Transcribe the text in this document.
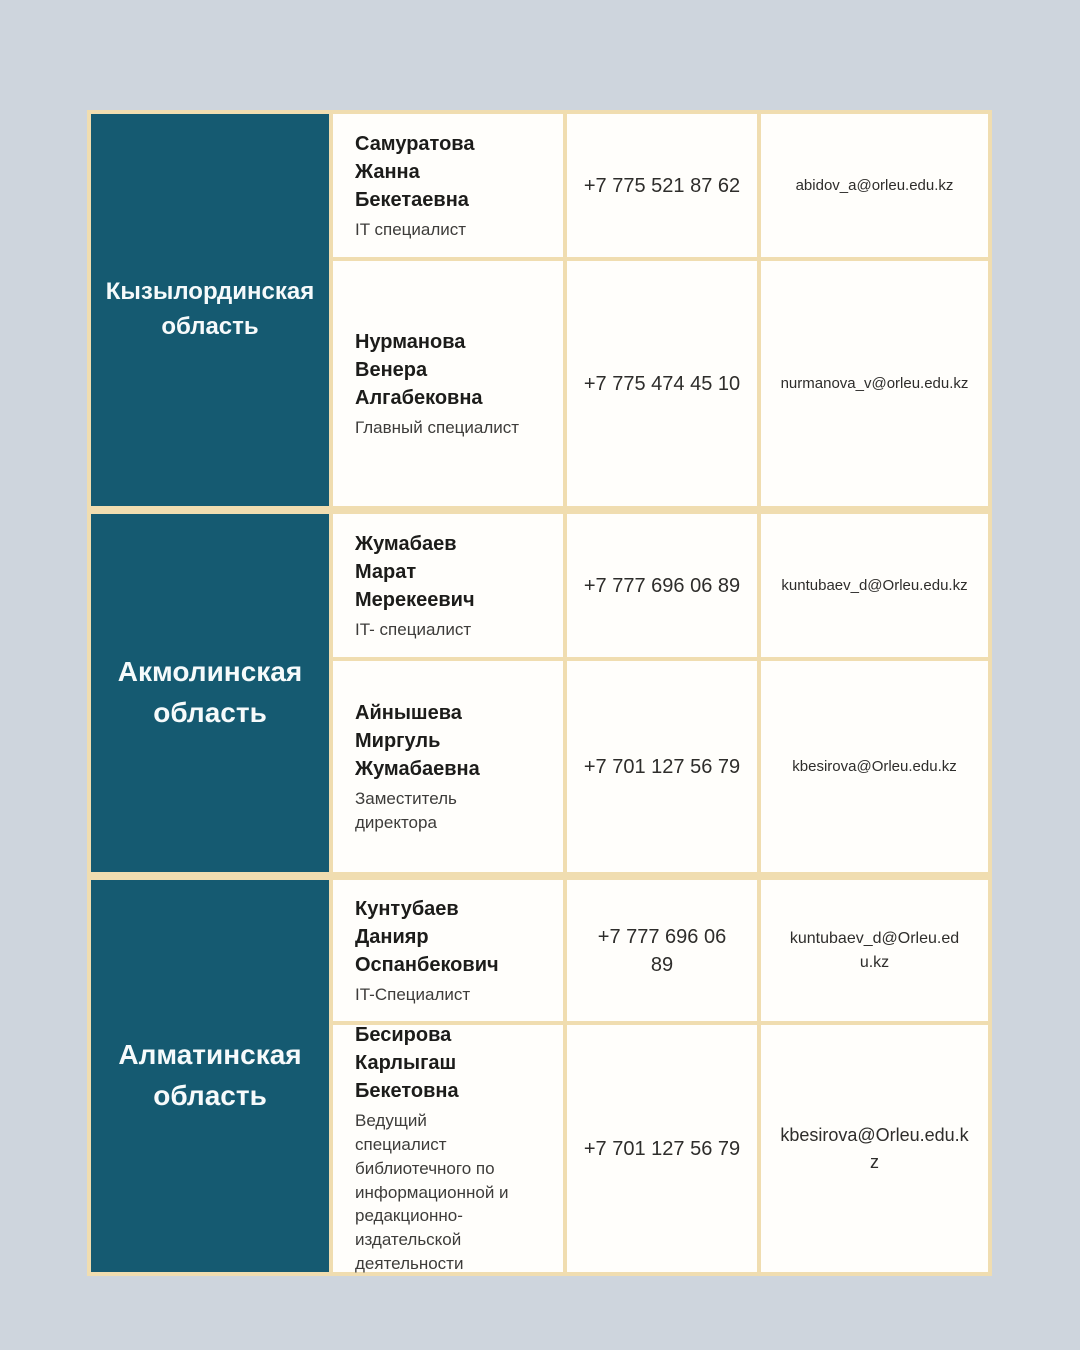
Кызылординская область
Самуратова Жанна Бекетаевна
IT специалист
+7 775 521 87 62	abidov_a@orleu.edu.kz
Нурманова Венера Алгабековна
Главный специалист
+7 775 474 45 10	nurmanova_v@orleu.edu.kz
Акмолинская область
Жумабаев Марат Мерекеевич
IT- специалист
+7 777 696 06 89	kuntubaev_d@Orleu.edu.kz
Айнышева Миргуль Жумабаевна
Заместитель директора
+7 701 127 56 79	kbesirova@Orleu.edu.kz
Алматинская область
Кунтубаев Данияр Оспанбекович
IT-Специалист
+7 777 696 06 89
kuntubaev_d@Orleu.edu.kz
Бесирова Карлыгаш Бекетовна
Ведущий специалист библиотечного по информационной и редакционно-издательской деятельности
+7 701 127 56 79
kbesirova@Orleu.edu.kz
